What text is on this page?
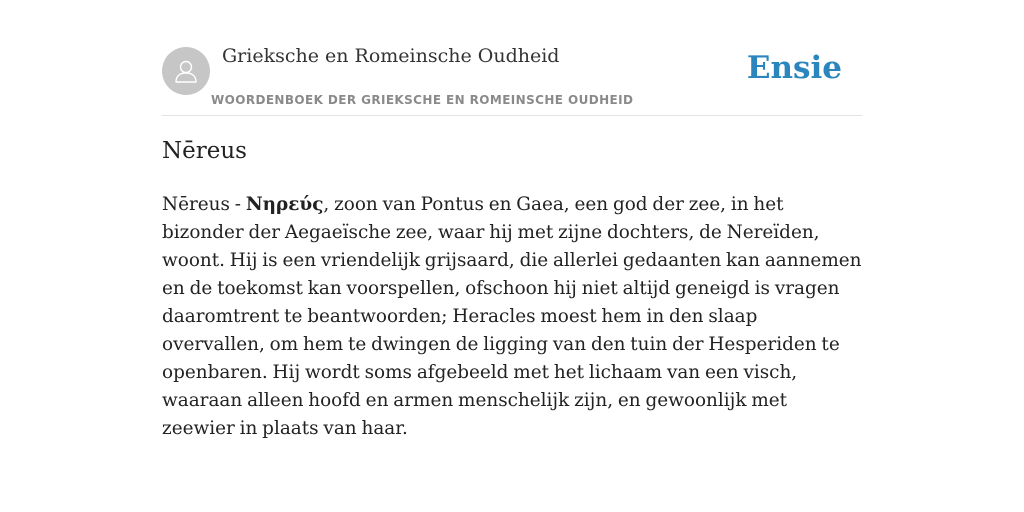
Grieksche en Romeinsche Oudheid
WOORDENBOEK DER GRIEKSCHE EN ROMEINSCHE OUDHEID
Ensie
Nēreus

Nēreus - Νηρεύς, zoon van Pontus en Gaea, een god der zee, in het bizonder der Aegaeïsche zee, waar hij met zijne dochters, de Nereïden, woont. Hij is een vriendelijk grijsaard, die allerlei gedaanten kan aannemen en de toekomst kan voorspellen, ofschoon hij niet altijd geneigd is vragen daaromtrent te beantwoorden; Heracles moest hem in den slaap overvallen, om hem te dwingen de ligging van den tuin der Hesperiden te openbaren. Hij wordt soms afgebeeld met het lichaam van een visch, waaraan alleen hoofd en armen menschelijk zijn, en gewoonlijk met zeewier in plaats van haar.
